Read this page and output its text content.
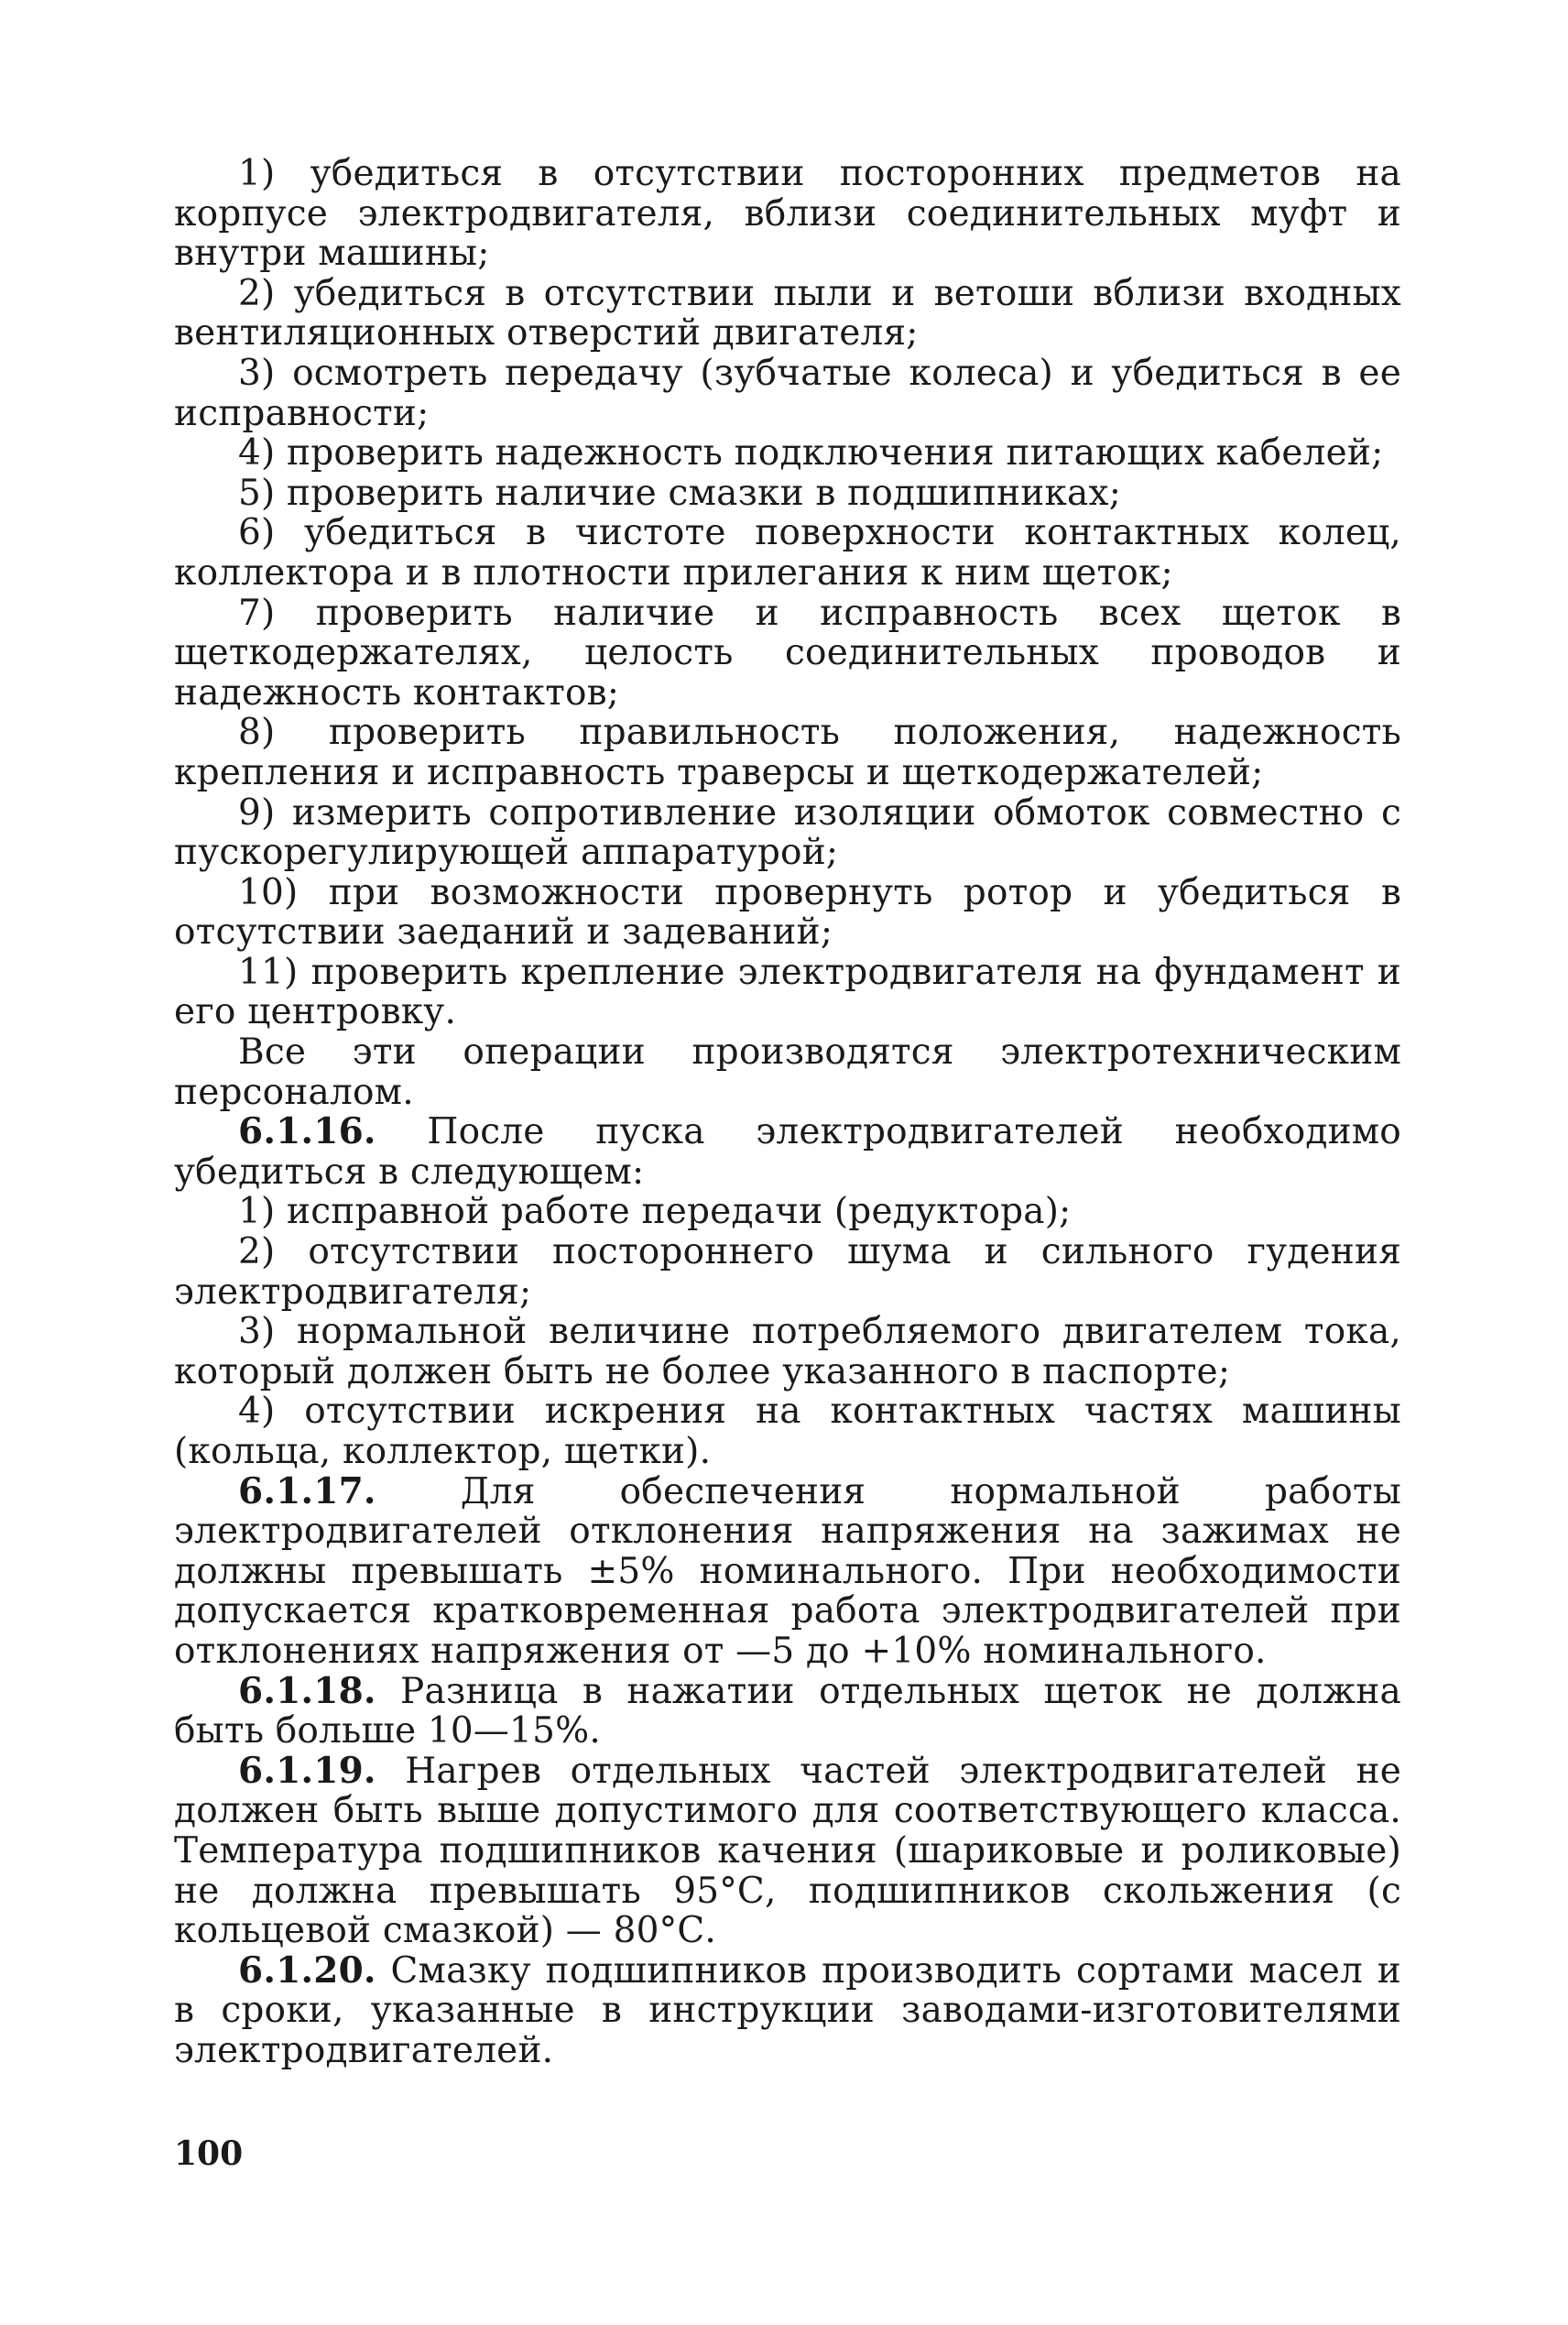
1) убедиться в отсутствии посторонних предметов на корпусе электродвигателя, вблизи соединительных муфт и внутри машины;

2) убедиться в отсутствии пыли и ветоши вблизи входных вентиляционных отверстий двигателя;

3) осмотреть передачу (зубчатые колеса) и убедиться в ее исправности;

4) проверить надежность подключения питающих кабелей;

5) проверить наличие смазки в подшипниках;

6) убедиться в чистоте поверхности контактных колец, коллектора и в плотности прилегания к ним щеток;

7) проверить наличие и исправность всех щеток в щеткодержателях, целость соединительных проводов и надежность контактов;

8) проверить правильность положения, надежность крепления и исправность траверсы и щеткодержателей;

9) измерить сопротивление изоляции обмоток совместно с пускорегулирующей аппаратурой;

10) при возможности провернуть ротор и убедиться в отсутствии заеданий и задеваний;

11) проверить крепление электродвигателя на фундамент и его центровку.

Все эти операции производятся электротехническим персоналом.

6.1.16. После пуска электродвигателей необходимо убедиться в следующем:

1) исправной работе передачи (редуктора);

2) отсутствии постороннего шума и сильного гудения электродвигателя;

3) нормальной величине потребляемого двигателем тока, который должен быть не более указанного в паспорте;

4) отсутствии искрения на контактных частях машины (кольца, коллектор, щетки).

6.1.17. Для обеспечения нормальной работы электродвигателей отклонения напряжения на зажимах не должны превышать ±5% номинального. При необходимости допускается кратковременная работа электродвигателей при отклонениях напряжения от —5 до +10% номинального.

6.1.18. Разница в нажатии отдельных щеток не должна быть больше 10—15%.

6.1.19. Нагрев отдельных частей электродвигателей не должен быть выше допустимого для соответствующего класса. Температура подшипников качения (шариковые и роликовые) не должна превышать 95°С, подшипников скольжения (с кольцевой смазкой) — 80°С.

6.1.20. Смазку подшипников производить сортами масел и в сроки, указанные в инструкции заводами-изготовителями электродвигателей.

100
